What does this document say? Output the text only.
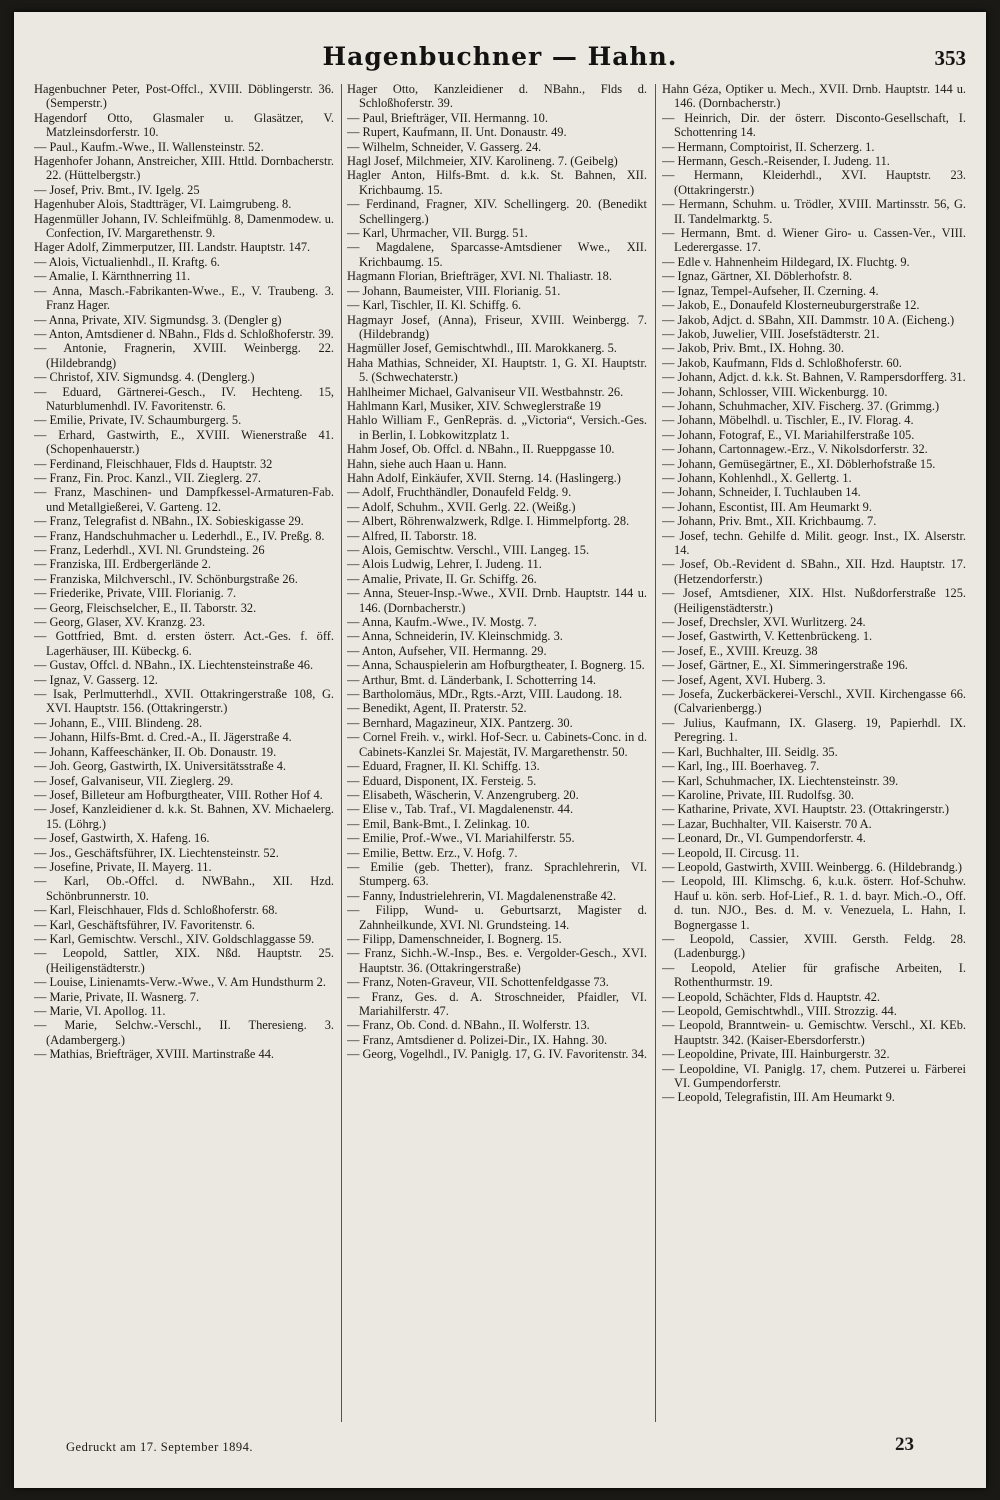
Hagenbuchner — Hahn.	353

Hagenbuchner Peter, Post-Offcl., XVIII. Döblingerstr. 36. (Semperstr.)

Hagendorf Otto, Glasmaler u. Glasätzer, V. Matzleinsdorferstr. 10.

— Paul., Kaufm.-Wwe., II. Wallensteinstr. 52.

Hagenhofer Johann, Anstreicher, XIII. Httld. Dornbacherstr. 22. (Hüttelbergstr.)

— Josef, Priv. Bmt., IV. Igelg. 25

Hagenhuber Alois, Stadtträger, VI. Laimgrubeng. 8.

Hagenmüller Johann, IV. Schleifmühlg. 8, Damenmodew. u. Confection, IV. Margarethenstr. 9.

Hager Adolf, Zimmerputzer, III. Landstr. Hauptstr. 147.

— Alois, Victualienhdl., II. Kraftg. 6.

— Amalie, I. Kärnthnerring 11.

— Anna, Masch.-Fabrikanten-Wwe., E., V. Traubeng. 3. Franz Hager.

— Anna, Private, XIV. Sigmundsg. 3. (Dengler g)

— Anton, Amtsdiener d. NBahn., Flds d. Schloßhoferstr. 39.

— Antonie, Fragnerin, XVIII. Weinbergg. 22. (Hildebrandg)

— Christof, XIV. Sigmundsg. 4. (Denglerg.)

— Eduard, Gärtnerei-Gesch., IV. Hechteng. 15, Naturblumenhdl. IV. Favoritenstr. 6.

— Emilie, Private, IV. Schaumburgerg. 5.

— Erhard, Gastwirth, E., XVIII. Wienerstraße 41. (Schopenhauerstr.)

— Ferdinand, Fleischhauer, Flds d. Hauptstr. 32

— Franz, Fin. Proc. Kanzl., VII. Zieglerg. 27.

— Franz, Maschinen- und Dampfkessel-Armaturen-Fab. und Metallgießerei, V. Garteng. 12.

— Franz, Telegrafist d. NBahn., IX. Sobieskigasse 29.

— Franz, Handschuhmacher u. Lederhdl., E., IV. Preßg. 8.

— Franz, Lederhdl., XVI. Nl. Grundsteing. 26

— Franziska, III. Erdbergerlände 2.

— Franziska, Milchverschl., IV. Schönburgstraße 26.

— Friederike, Private, VIII. Florianig. 7.

— Georg, Fleischselcher, E., II. Taborstr. 32.

— Georg, Glaser, XV. Kranzg. 23.

— Gottfried, Bmt. d. ersten österr. Act.-Ges. f. öff. Lagerhäuser, III. Kübeckg. 6.

— Gustav, Offcl. d. NBahn., IX. Liechtensteinstraße 46.

— Ignaz, V. Gasserg. 12.

— Isak, Perlmutterhdl., XVII. Ottakringerstraße 108, G. XVI. Hauptstr. 156. (Ottakringerstr.)

— Johann, E., VIII. Blindeng. 28.

— Johann, Hilfs-Bmt. d. Cred.-A., II. Jägerstraße 4.

— Johann, Kaffeeschänker, II. Ob. Donaustr. 19.

— Joh. Georg, Gastwirth, IX. Universitätsstraße 4.

— Josef, Galvaniseur, VII. Zieglerg. 29.

— Josef, Billeteur am Hofburgtheater, VIII. Rother Hof 4.

— Josef, Kanzleidiener d. k.k. St. Bahnen, XV. Michaelerg. 15. (Löhrg.)

— Josef, Gastwirth, X. Hafeng. 16.

— Jos., Geschäftsführer, IX. Liechtensteinstr. 52.

— Josefine, Private, II. Mayerg. 11.

— Karl, Ob.-Offcl. d. NWBahn., XII. Hzd. Schönbrunnerstr. 10.

— Karl, Fleischhauer, Flds d. Schloßhoferstr. 68.

— Karl, Geschäftsführer, IV. Favoritenstr. 6.

— Karl, Gemischtw. Verschl., XIV. Goldschlaggasse 59.

— Leopold, Sattler, XIX. Nßd. Hauptstr. 25. (Heiligenstädterstr.)

— Louise, Linienamts-Verw.-Wwe., V. Am Hundsthurm 2.

— Marie, Private, II. Wasnerg. 7.

— Marie, VI. Apollog. 11.

— Marie, Selchw.-Verschl., II. Theresieng. 3. (Adambergerg.)

— Mathias, Briefträger, XVIII. Martinstraße 44.

Hager Otto, Kanzleidiener d. NBahn., Flds d. Schloßhoferstr. 39.

— Paul, Briefträger, VII. Hermanng. 10.

— Rupert, Kaufmann, II. Unt. Donaustr. 49.

— Wilhelm, Schneider, V. Gasserg. 24.

Hagl Josef, Milchmeier, XIV. Karolineng. 7. (Geibelg)

Hagler Anton, Hilfs-Bmt. d. k.k. St. Bahnen, XII. Krichbaumg. 15.

— Ferdinand, Fragner, XIV. Schellingerg. 20. (Benedikt Schellingerg.)

— Karl, Uhrmacher, VII. Burgg. 51.

— Magdalene, Sparcasse-Amtsdiener Wwe., XII. Krichbaumg. 15.

Hagmann Florian, Briefträger, XVI. Nl. Thaliastr. 18.

— Johann, Baumeister, VIII. Florianig. 51.

— Karl, Tischler, II. Kl. Schiffg. 6.

Hagmayr Josef, (Anna), Friseur, XVIII. Weinbergg. 7. (Hildebrandg)

Hagmüller Josef, Gemischtwhdl., III. Marokkanerg. 5.

Haha Mathias, Schneider, XI. Hauptstr. 1, G. XI. Hauptstr. 5. (Schwechaterstr.)

Hahlheimer Michael, Galvaniseur VII. Westbahnstr. 26.

Hahlmann Karl, Musiker, XIV. Schweglerstraße 19

Hahlo William F., GenRepräs. d. „Victoria“, Versich.-Ges. in Berlin, I. Lobkowitzplatz 1.

Hahm Josef, Ob. Offcl. d. NBahn., II. Rueppgasse 10.

Hahn, siehe auch Haan u. Hann.

Hahn Adolf, Einkäufer, XVII. Sterng. 14. (Haslingerg.)

— Adolf, Fruchthändler, Donaufeld Feldg. 9.

— Adolf, Schuhm., XVII. Gerlg. 22. (Weißg.)

— Albert, Röhrenwalzwerk, Rdlge. I. Himmelpfortg. 28.

— Alfred, II. Taborstr. 18.

— Alois, Gemischtw. Verschl., VIII. Langeg. 15.

— Alois Ludwig, Lehrer, I. Judeng. 11.

— Amalie, Private, II. Gr. Schiffg. 26.

— Anna, Steuer-Insp.-Wwe., XVII. Drnb. Hauptstr. 144 u. 146. (Dornbacherstr.)

— Anna, Kaufm.-Wwe., IV. Mostg. 7.

— Anna, Schneiderin, IV. Kleinschmidg. 3.

— Anton, Aufseher, VII. Hermanng. 29.

— Anna, Schauspielerin am Hofburgtheater, I. Bognerg. 15.

— Arthur, Bmt. d. Länderbank, I. Schotterring 14.

— Bartholomäus, MDr., Rgts.-Arzt, VIII. Laudong. 18.

— Benedikt, Agent, II. Praterstr. 52.

— Bernhard, Magazineur, XIX. Pantzerg. 30.

— Cornel Freih. v., wirkl. Hof-Secr. u. Cabinets-Conc. in d. Cabinets-Kanzlei Sr. Majestät, IV. Margarethenstr. 50.

— Eduard, Fragner, II. Kl. Schiffg. 13.

— Eduard, Disponent, IX. Fersteig. 5.

— Elisabeth, Wäscherin, V. Anzengruberg. 20.

— Elise v., Tab. Traf., VI. Magdalenenstr. 44.

— Emil, Bank-Bmt., I. Zelinkag. 10.

— Emilie, Prof.-Wwe., VI. Mariahilferstr. 55.

— Emilie, Bettw. Erz., V. Hofg. 7.

— Emilie (geb. Thetter), franz. Sprachlehrerin, VI. Stumperg. 63.

— Fanny, Industrielehrerin, VI. Magdalenenstraße 42.

— Filipp, Wund- u. Geburtsarzt, Magister d. Zahnheilkunde, XVI. Nl. Grundsteing. 14.

— Filipp, Damenschneider, I. Bognerg. 15.

— Franz, Sichh.-W.-Insp., Bes. e. Vergolder-Gesch., XVI. Hauptstr. 36. (Ottakringerstraße)

— Franz, Noten-Graveur, VII. Schottenfeldgasse 73.

— Franz, Ges. d. A. Stroschneider, Pfaidler, VI. Mariahilferstr. 47.

— Franz, Ob. Cond. d. NBahn., II. Wolferstr. 13.

— Franz, Amtsdiener d. Polizei-Dir., IX. Hahng. 30.

— Georg, Vogelhdl., IV. Paniglg. 17, G. IV. Favoritenstr. 34.

Hahn Géza, Optiker u. Mech., XVII. Drnb. Hauptstr. 144 u. 146. (Dornbacherstr.)

— Heinrich, Dir. der österr. Disconto-Gesellschaft, I. Schottenring 14.

— Hermann, Comptoirist, II. Scherzerg. 1.

— Hermann, Gesch.-Reisender, I. Judeng. 11.

— Hermann, Kleiderhdl., XVI. Hauptstr. 23. (Ottakringerstr.)

— Hermann, Schuhm. u. Trödler, XVIII. Martinsstr. 56, G. II. Tandelmarktg. 5.

— Hermann, Bmt. d. Wiener Giro- u. Cassen-Ver., VIII. Lederergasse. 17.

— Edle v. Hahnenheim Hildegard, IX. Fluchtg. 9.

— Ignaz, Gärtner, XI. Döblerhofstr. 8.

— Ignaz, Tempel-Aufseher, II. Czerning. 4.

— Jakob, E., Donaufeld Klosterneuburgerstraße 12.

— Jakob, Adjct. d. SBahn, XII. Dammstr. 10 A. (Eicheng.)

— Jakob, Juwelier, VIII. Josefstädterstr. 21.

— Jakob, Priv. Bmt., IX. Hohng. 30.

— Jakob, Kaufmann, Flds d. Schloßhoferstr. 60.

— Johann, Adjct. d. k.k. St. Bahnen, V. Rampersdorfferg. 31.

— Johann, Schlosser, VIII. Wickenburgg. 10.

— Johann, Schuhmacher, XIV. Fischerg. 37. (Grimmg.)

— Johann, Möbelhdl. u. Tischler, E., IV. Florag. 4.

— Johann, Fotograf, E., VI. Mariahilferstraße 105.

— Johann, Cartonnagew.-Erz., V. Nikolsdorferstr. 32.

— Johann, Gemüsegärtner, E., XI. Döblerhofstraße 15.

— Johann, Kohlenhdl., X. Gellertg. 1.

— Johann, Schneider, I. Tuchlauben 14.

— Johann, Escontist, III. Am Heumarkt 9.

— Johann, Priv. Bmt., XII. Krichbaumg. 7.

— Josef, techn. Gehilfe d. Milit. geogr. Inst., IX. Alserstr. 14.

— Josef, Ob.-Revident d. SBahn., XII. Hzd. Hauptstr. 17. (Hetzendorferstr.)

— Josef, Amtsdiener, XIX. Hlst. Nußdorferstraße 125. (Heiligenstädterstr.)

— Josef, Drechsler, XVI. Wurlitzerg. 24.

— Josef, Gastwirth, V. Kettenbrückeng. 1.

— Josef, E., XVIII. Kreuzg. 38

— Josef, Gärtner, E., XI. Simmeringerstraße 196.

— Josef, Agent, XVI. Huberg. 3.

— Josefa, Zuckerbäckerei-Verschl., XVII. Kirchengasse 66. (Calvarienbergg.)

— Julius, Kaufmann, IX. Glaserg. 19, Papierhdl. IX. Peregring. 1.

— Karl, Buchhalter, III. Seidlg. 35.

— Karl, Ing., III. Boerhaveg. 7.

— Karl, Schuhmacher, IX. Liechtensteinstr. 39.

— Karoline, Private, III. Rudolfsg. 30.

— Katharine, Private, XVI. Hauptstr. 23. (Ottakringerstr.)

— Lazar, Buchhalter, VII. Kaiserstr. 70 A.

— Leonard, Dr., VI. Gumpendorferstr. 4.

— Leopold, II. Circusg. 11.

— Leopold, Gastwirth, XVIII. Weinbergg. 6. (Hildebrandg.)

— Leopold, III. Klimschg. 6, k.u.k. österr. Hof-Schuhw. Hauf u. kön. serb. Hof-Lief., R. 1. d. bayr. Mich.-O., Off. d. tun. NJO., Bes. d. M. v. Venezuela, L. Hahn, I. Bognergasse 1.

— Leopold, Cassier, XVIII. Gersth. Feldg. 28. (Ladenburgg.)

— Leopold, Atelier für grafische Arbeiten, I. Rothenthurmstr. 19.

— Leopold, Schächter, Flds d. Hauptstr. 42.

— Leopold, Gemischtwhdl., VIII. Strozzig. 44.

— Leopold, Branntwein- u. Gemischtw. Verschl., XI. KEb. Hauptstr. 342. (Kaiser-Ebersdorferstr.)

— Leopoldine, Private, III. Hainburgerstr. 32.

— Leopoldine, VI. Paniglg. 17, chem. Putzerei u. Färberei VI. Gumpendorferstr.

— Leopold, Telegrafistin, III. Am Heumarkt 9.

Gedruckt am 17. September 1894.	23
